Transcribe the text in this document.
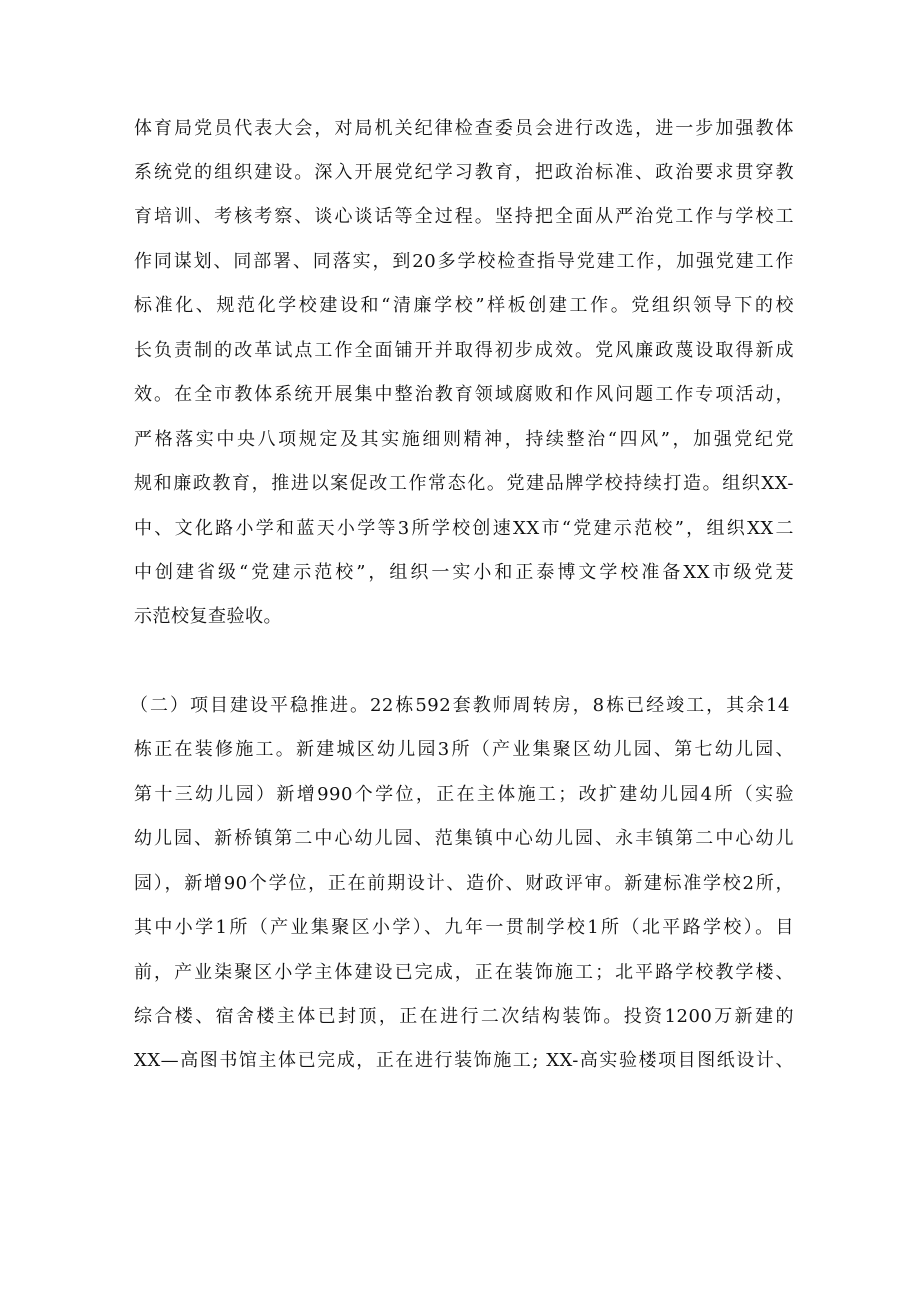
体育局党员代表大会，对局机关纪律检查委员会进行改选，进一步加强教体
系统党的组织建设。深入开展党纪学习教育，把政治标准、政治要求贯穿教
育培训、考核考察、谈心谈话等全过程。坚持把全面从严治党工作与学校工
作同谋划、同部署、同落实，到20多学校检查指导党建工作，加强党建工作
标准化、规范化学校建设和“清廉学校”样板创建工作。党组织领导下的校
长负责制的改革试点工作全面铺开并取得初步成效。党风廉政蔑设取得新成
效。在全市教体系统开展集中整治教育领域腐败和作风问题工作专项活动，
严格落实中央八项规定及其实施细则精神，持续整治“四风”，加强党纪党
规和廉政教育，推进以案促改工作常态化。党建品牌学校持续打造。组织XX-
中、文化路小学和蓝天小学等3所学校创速XX市“党建示范校”，组织XX二
中创建省级“党建示范校”，组织一实小和正泰博文学校准备XX市级党茇
示范校复查验收。
（二）项目建设平稳推进。22栋592套教师周转房，8栋已经竣工，其余14
栋正在装修施工。新建城区幼儿园3所（产业集聚区幼儿园、第七幼儿园、
第十三幼儿园）新增990个学位，正在主体施工；改扩建幼儿园4所（实验
幼儿园、新桥镇第二中心幼儿园、范集镇中心幼儿园、永丰镇第二中心幼儿
园），新增90个学位，正在前期设计、造价、财政评审。新建标准学校2所，
其中小学1所（产业集聚区小学）、九年一贯制学校1所（北平路学校）。目
前，产业柒聚区小学主体建设已完成，正在装饰施工；北平路学校教学楼、
综合楼、宿舍楼主体已封顶，正在进行二次结构装饰。投资1200万新建的
XX—高图书馆主体已完成，正在进行装饰施工; XX-高实验楼项目图纸设计、
